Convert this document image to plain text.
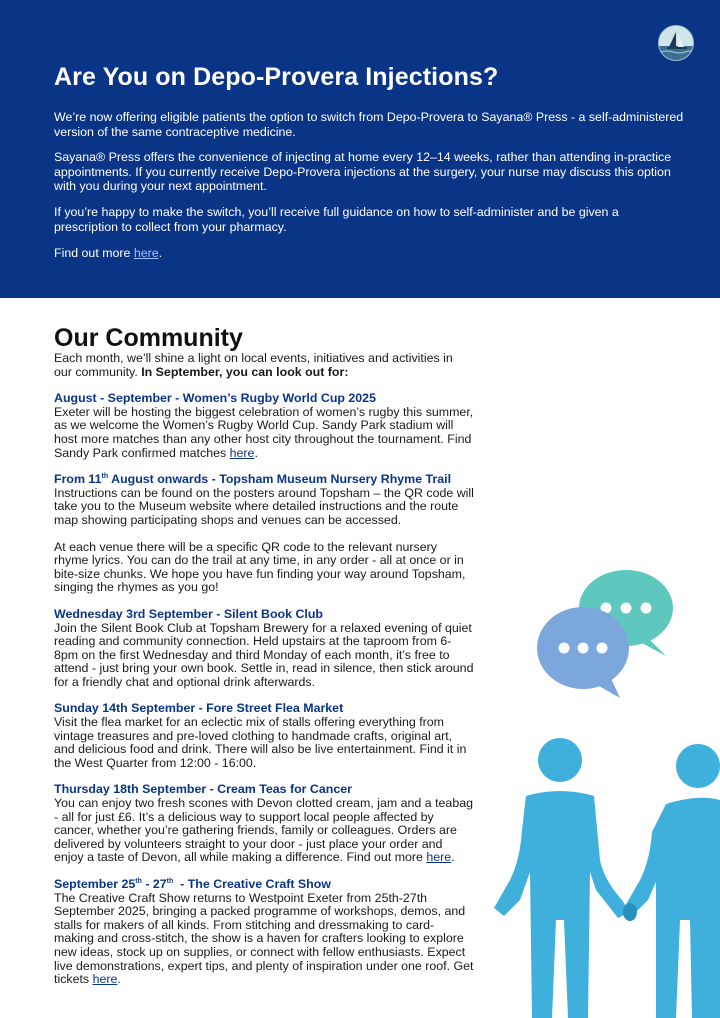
Are You on Depo-Provera Injections?

We’re now offering eligible patients the option to switch from Depo-Provera to Sayana® Press - a self-administered version of the same contraceptive medicine.

Sayana® Press offers the convenience of injecting at home every 12–14 weeks, rather than attending in-practice appointments. If you currently receive Depo-Provera injections at the surgery, your nurse may discuss this option with you during your next appointment.

If you’re happy to make the switch, you’ll receive full guidance on how to self-administer and be given a prescription to collect from your pharmacy.

Find out more here.

Our Community

Each month, we’ll shine a light on local events, initiatives and activities in our community. In September, you can look out for:

August - September - Women’s Rugby World Cup 2025

Exeter will be hosting the biggest celebration of women’s rugby this summer, as we welcome the Women’s Rugby World Cup. Sandy Park stadium will host more matches than any other host city throughout the tournament. Find Sandy Park confirmed matches here.

From 11th August onwards - Topsham Museum Nursery Rhyme Trail

Instructions can be found on the posters around Topsham – the QR code will take you to the Museum website where detailed instructions and the route map showing participating shops and venues can be accessed.

At each venue there will be a specific QR code to the relevant nursery rhyme lyrics. You can do the trail at any time, in any order - all at once or in bite-size chunks. We hope you have fun finding your way around Topsham, singing the rhymes as you go!

Wednesday 3rd September - Silent Book Club

Join the Silent Book Club at Topsham Brewery for a relaxed evening of quiet reading and community connection. Held upstairs at the taproom from 6-8pm on the first Wednesday and third Monday of each month, it’s free to attend - just bring your own book. Settle in, read in silence, then stick around for a friendly chat and optional drink afterwards.

Sunday 14th September - Fore Street Flea Market

Visit the flea market for an eclectic mix of stalls offering everything from vintage treasures and pre-loved clothing to handmade crafts, original art, and delicious food and drink. There will also be live entertainment. Find it in the West Quarter from 12:00 - 16:00.

Thursday 18th September - Cream Teas for Cancer

You can enjoy two fresh scones with Devon clotted cream, jam and a teabag - all for just £6. It’s a delicious way to support local people affected by cancer, whether you’re gathering friends, family or colleagues. Orders are delivered by volunteers straight to your door - just place your order and enjoy a taste of Devon, all while making a difference. Find out more here.

September 25th - 27th  - The Creative Craft Show

The Creative Craft Show returns to Westpoint Exeter from 25th-27th September 2025, bringing a packed programme of workshops, demos, and stalls for makers of all kinds. From stitching and dressmaking to card-making and cross-stitch, the show is a haven for crafters looking to explore new ideas, stock up on supplies, or connect with fellow enthusiasts. Expect live demonstrations, expert tips, and plenty of inspiration under one roof. Get tickets here.
